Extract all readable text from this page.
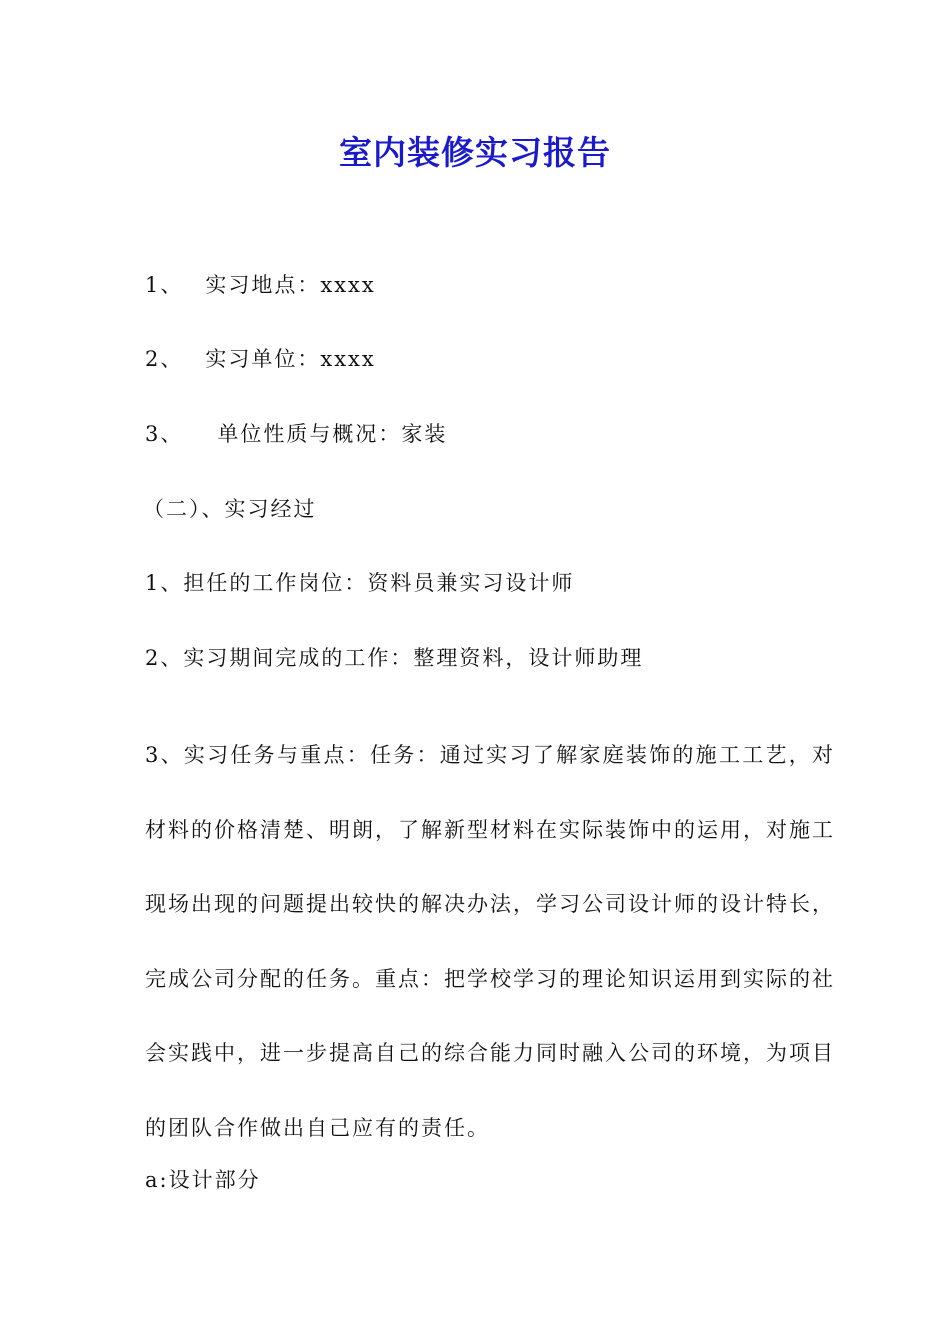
室内装修实习报告
1、 实习地点：xxxx
2、 实习单位：xxxx
3、 单位性质与概况：家装
（二）、实习经过
1、担任的工作岗位：资料员兼实习设计师
2、实习期间完成的工作：整理资料，设计师助理

3、实习任务与重点：任务：通过实习了解家庭装饰的施工工艺，对材料的价格清楚、明朗，了解新型材料在实际装饰中的运用，对施工现场出现的问题提出较快的解决办法，学习公司设计师的设计特长，完成公司分配的任务。重点：把学校学习的理论知识运用到实际的社会实践中，进一步提高自己的综合能力同时融入公司的环境，为项目的团队合作做出自己应有的责任。

a:设计部分
